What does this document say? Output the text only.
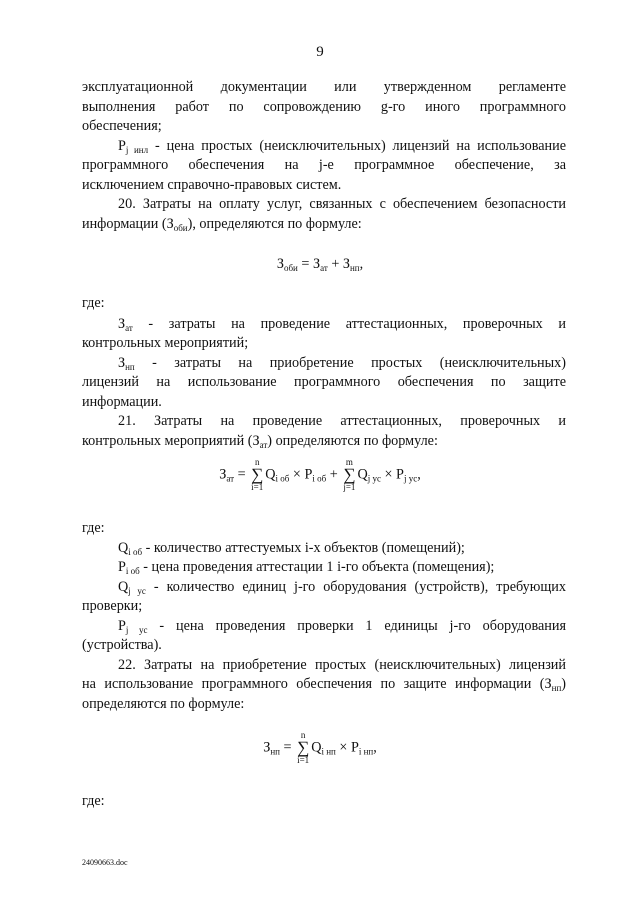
9
эксплуатационной документации или утвержденном регламенте
выполнения работ по сопровождению g-го иного программного
обеспечения;
$P_{j инл}$ - цена простых (неисключительных) лицензий на использование
программного обеспечения на j-е программное обеспечение, за
исключением справочно-правовых систем.
20. Затраты на оплату услуг, связанных с обеспечением безопасности
информации $(З_{оби})$, определяются по формуле:
$З_{оби} = З_{ат} + З_{нп}$,
где:
$З_{ат}$ - затраты на проведение аттестационных, проверочных и
контрольных мероприятий;
$З_{нп}$ - затраты на приобретение простых (неисключительных)
лицензий на использование программного обеспечения по защите
информации.
21. Затраты на проведение аттестационных, проверочных и
контрольных мероприятий $(З_{ат})$ определяются по формуле:
$З_{ат}$ =
n
∑
i=1
$Q_{i об} \times P_{i об}$ +
m
∑
j=1
$Q_{j ус} \times P_{j ус}$,
где:
$Q_{i об}$ - количество аттестуемых i-х объектов (помещений);
$P_{i об}$ - цена проведения аттестации 1 i-го объекта (помещения);
$Q_{j ус}$ - количество единиц j-го оборудования (устройств), требующих
проверки;
$P_{j ус}$ - цена проведения проверки 1 единицы j-го оборудования
(устройства).
22. Затраты на приобретение простых (неисключительных) лицензий
на использование программного обеспечения по защите информации $(З_{нп})$
определяются по формуле:
$З_{нп}$ =
n
∑
i=1
$Q_{i нп} \times P_{i нп}$,
где:
24090663.doc
